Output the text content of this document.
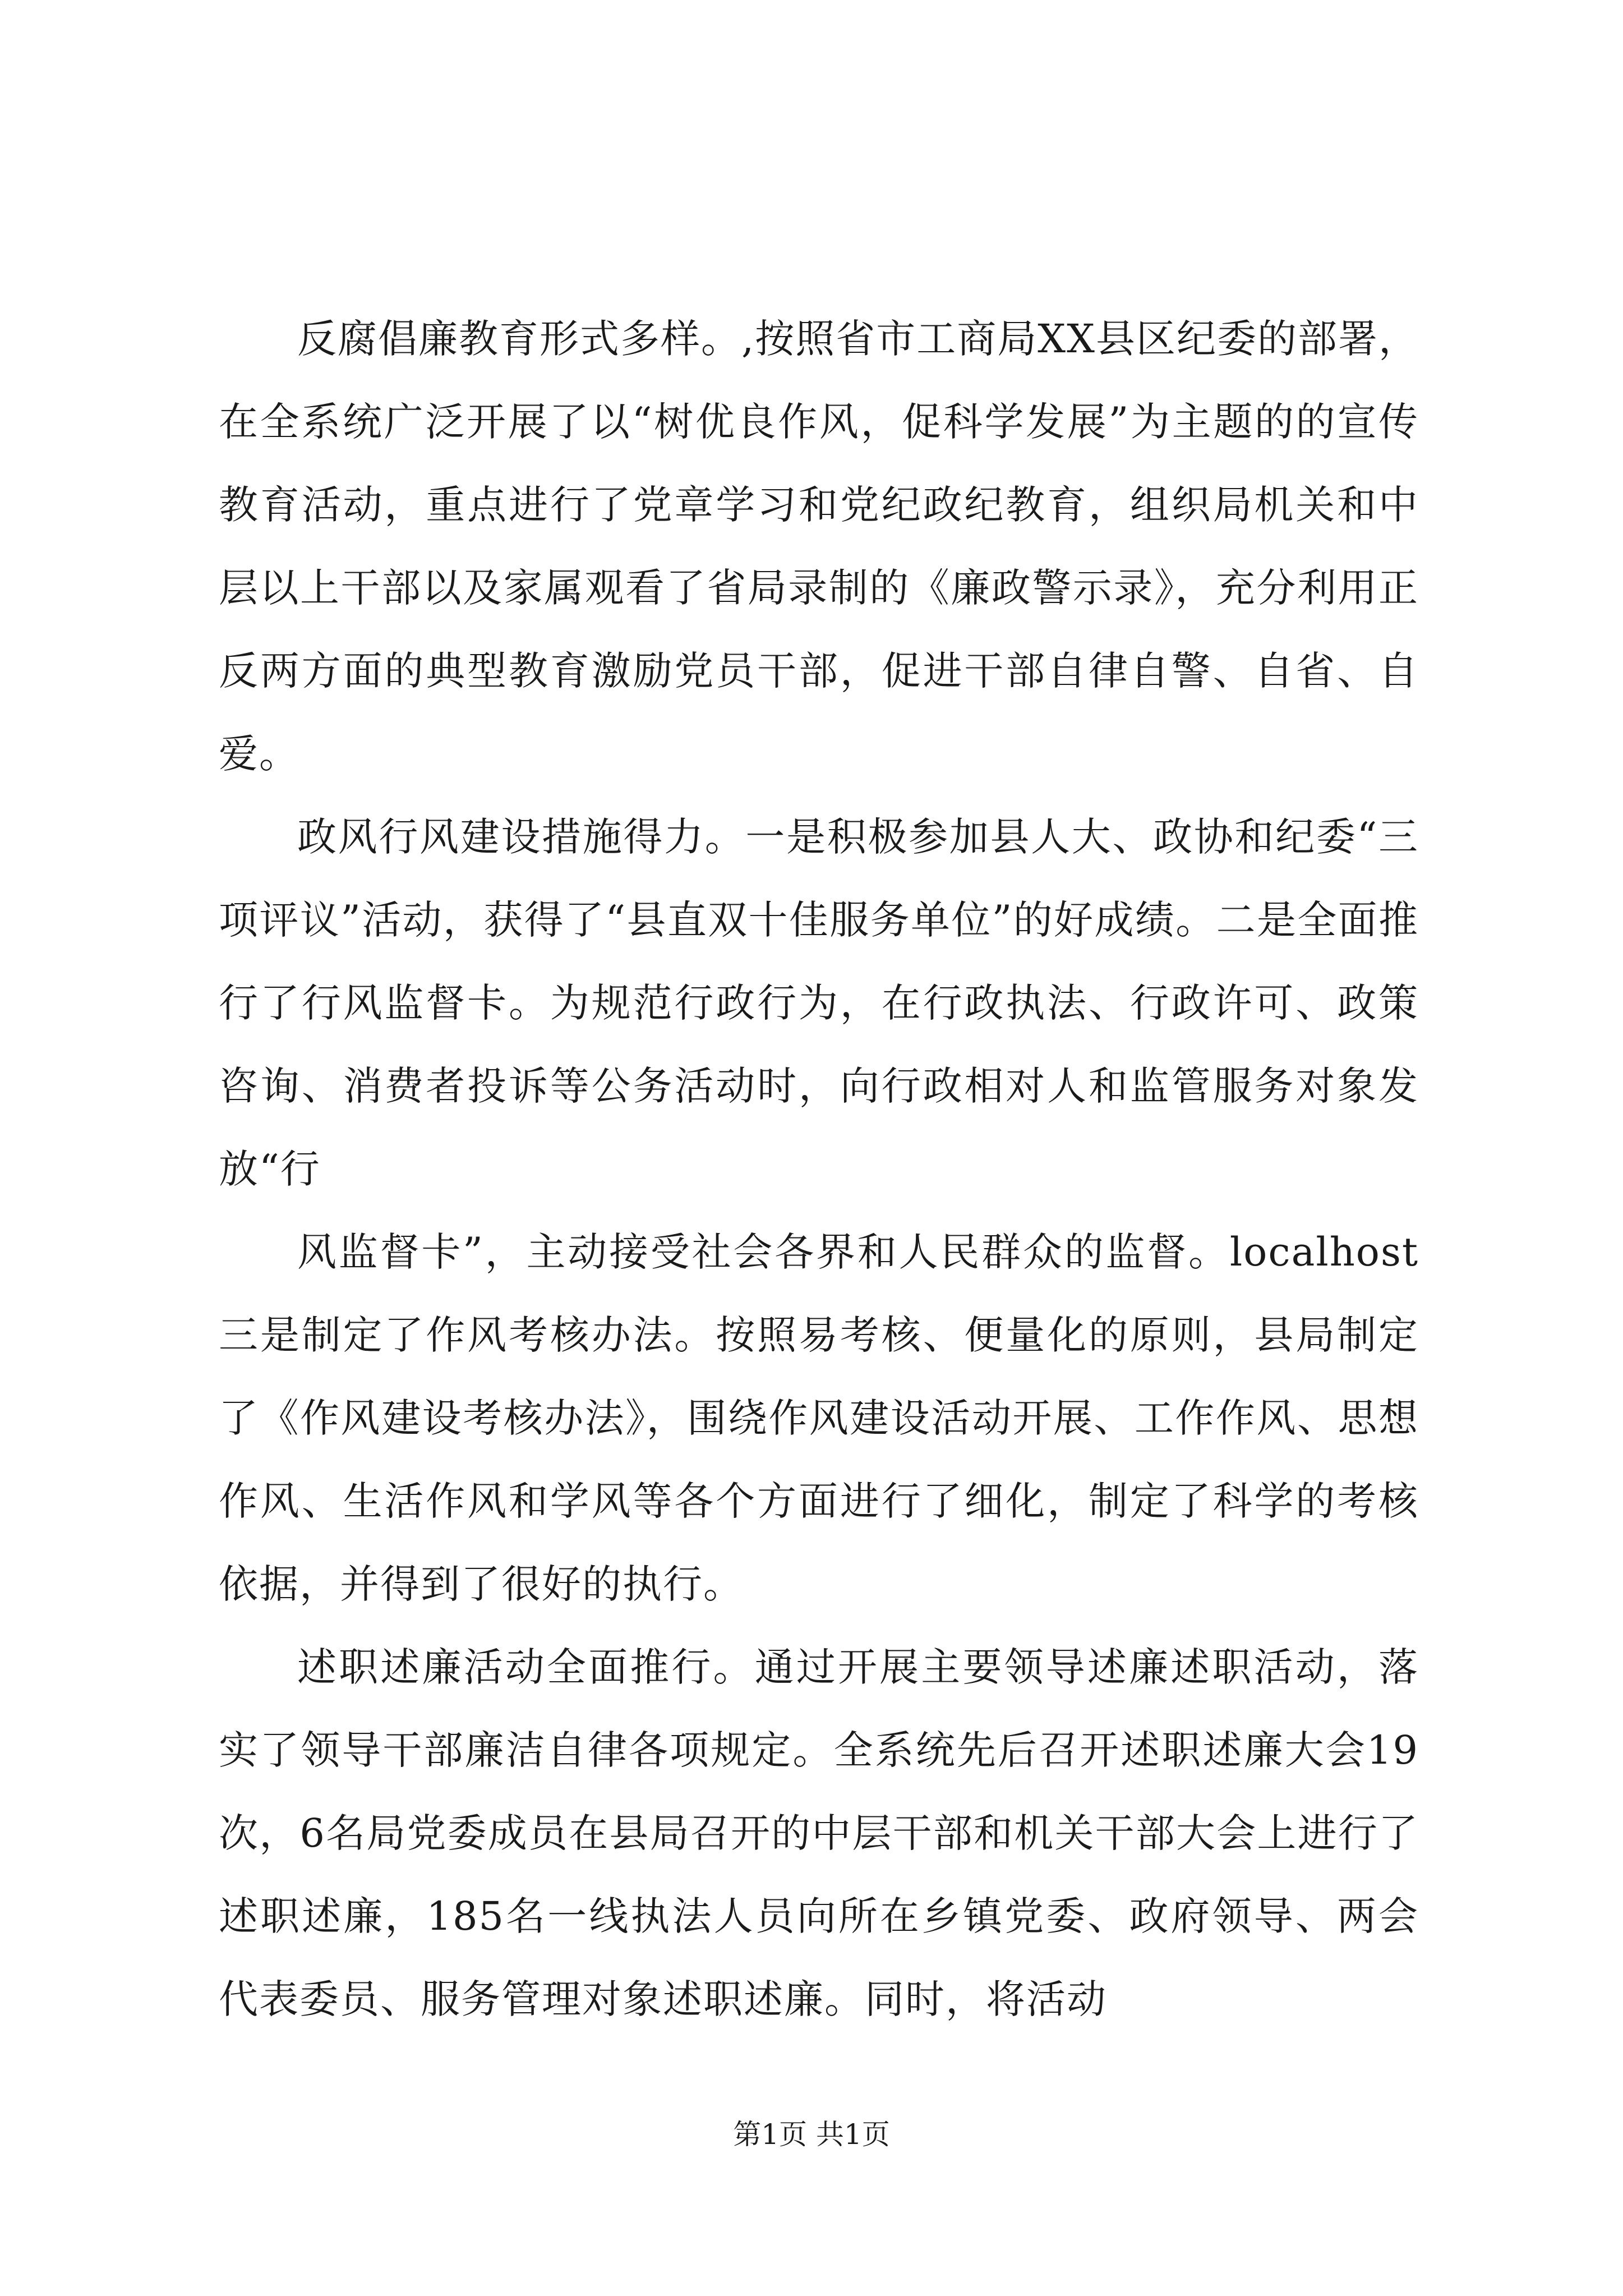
反腐倡廉教育形式多样。,按照省市工商局XX县区纪委的部署，在全系统广泛开展了以“树优良作风，促科学发展”为主题的的宣传教育活动，重点进行了党章学习和党纪政纪教育，组织局机关和中层以上干部以及家属观看了省局录制的《廉政警示录》，充分利用正反两方面的典型教育激励党员干部，促进干部自律自警、自省、自爱。

政风行风建设措施得力。一是积极参加县人大、政协和纪委“三项评议”活动，获得了“县直双十佳服务单位”的好成绩。二是全面推行了行风监督卡。为规范行政行为，在行政执法、行政许可、政策咨询、消费者投诉等公务活动时，向行政相对人和监管服务对象发放“行

风监督卡”，主动接受社会各界和人民群众的监督。localhost三是制定了作风考核办法。按照易考核、便量化的原则，县局制定了《作风建设考核办法》，围绕作风建设活动开展、工作作风、思想作风、生活作风和学风等各个方面进行了细化，制定了科学的考核依据，并得到了很好的执行。

述职述廉活动全面推行。通过开展主要领导述廉述职活动，落实了领导干部廉洁自律各项规定。全系统先后召开述职述廉大会19次，6名局党委成员在县局召开的中层干部和机关干部大会上进行了述职述廉，185名一线执法人员向所在乡镇党委、政府领导、两会代表委员、服务管理对象述职述廉。同时，将活动

第1页 共1页
